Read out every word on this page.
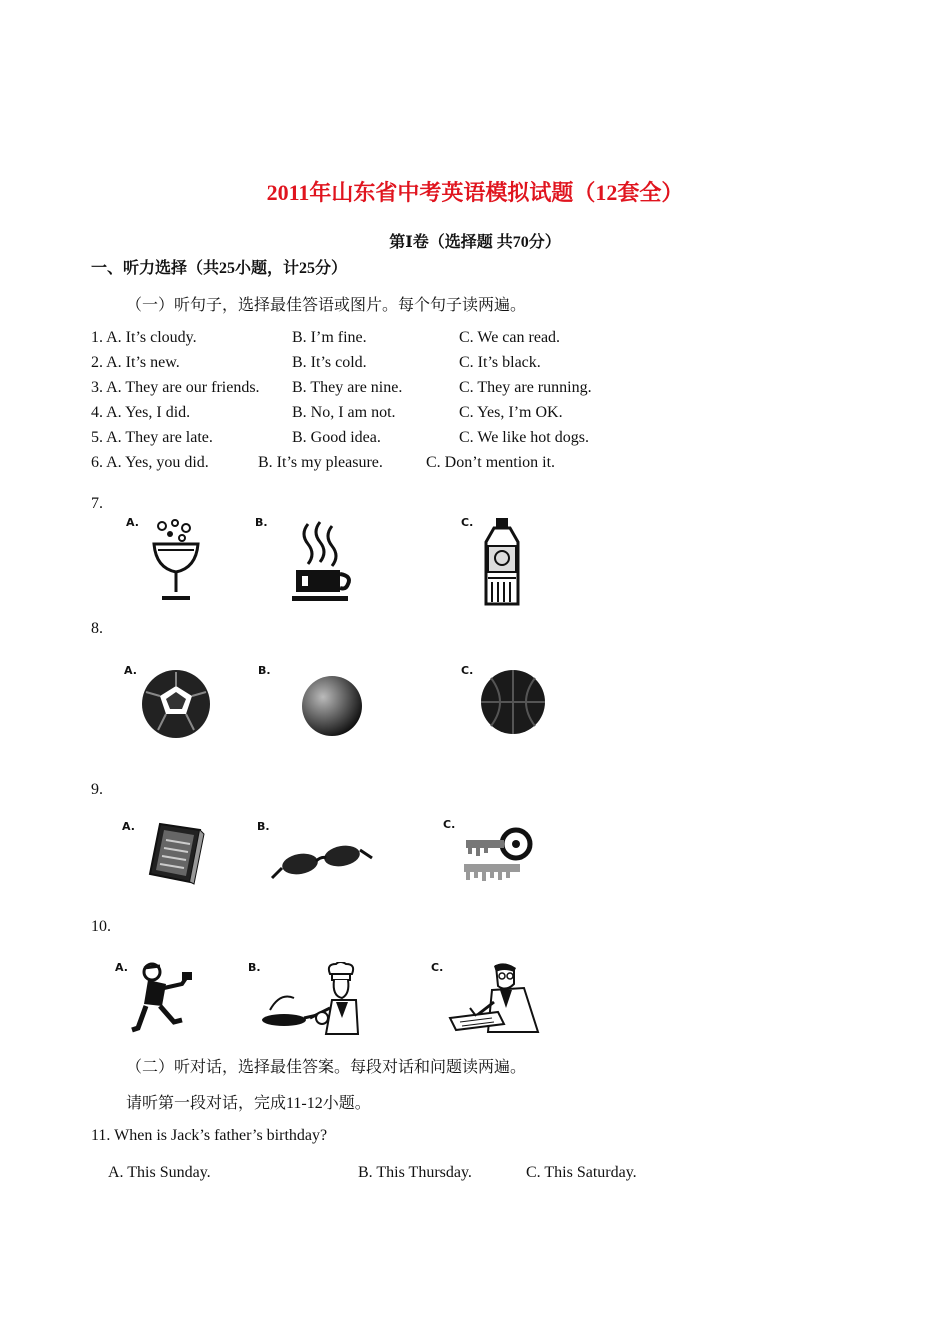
2011年山东省中考英语模拟试题（12套全）
第Ⅰ卷（选择题 共70分）
一、听力选择（共25小题，计25分）
（一）听句子，选择最佳答语或图片。每个句子读两遍。
1. A. It’s cloudy.	B. I’m fine.	C. We can read.
2. A. It’s new.	B. It’s cold.	C. It’s black.
3. A. They are our friends. B. They are nine.	C. They are running.
4. A. Yes, I did.	B. No, I am not.	C. Yes, I’m OK.
5. A. They are late.	B. Good idea.	C. We like hot dogs.
6. A. Yes, you did.	B. It’s my pleasure.	C. Don’t mention it.
7.
A.	B.	C.
8.
A.	B.	C.
9.
A.	B.	C.
10.
A.	B.	C.
（二）听对话，选择最佳答案。每段对话和问题读两遍。
请听第一段对话，完成11-12小题。
11. When is Jack’s father’s birthday?
A. This Sunday.	B. This Thursday.	C. This Saturday.
